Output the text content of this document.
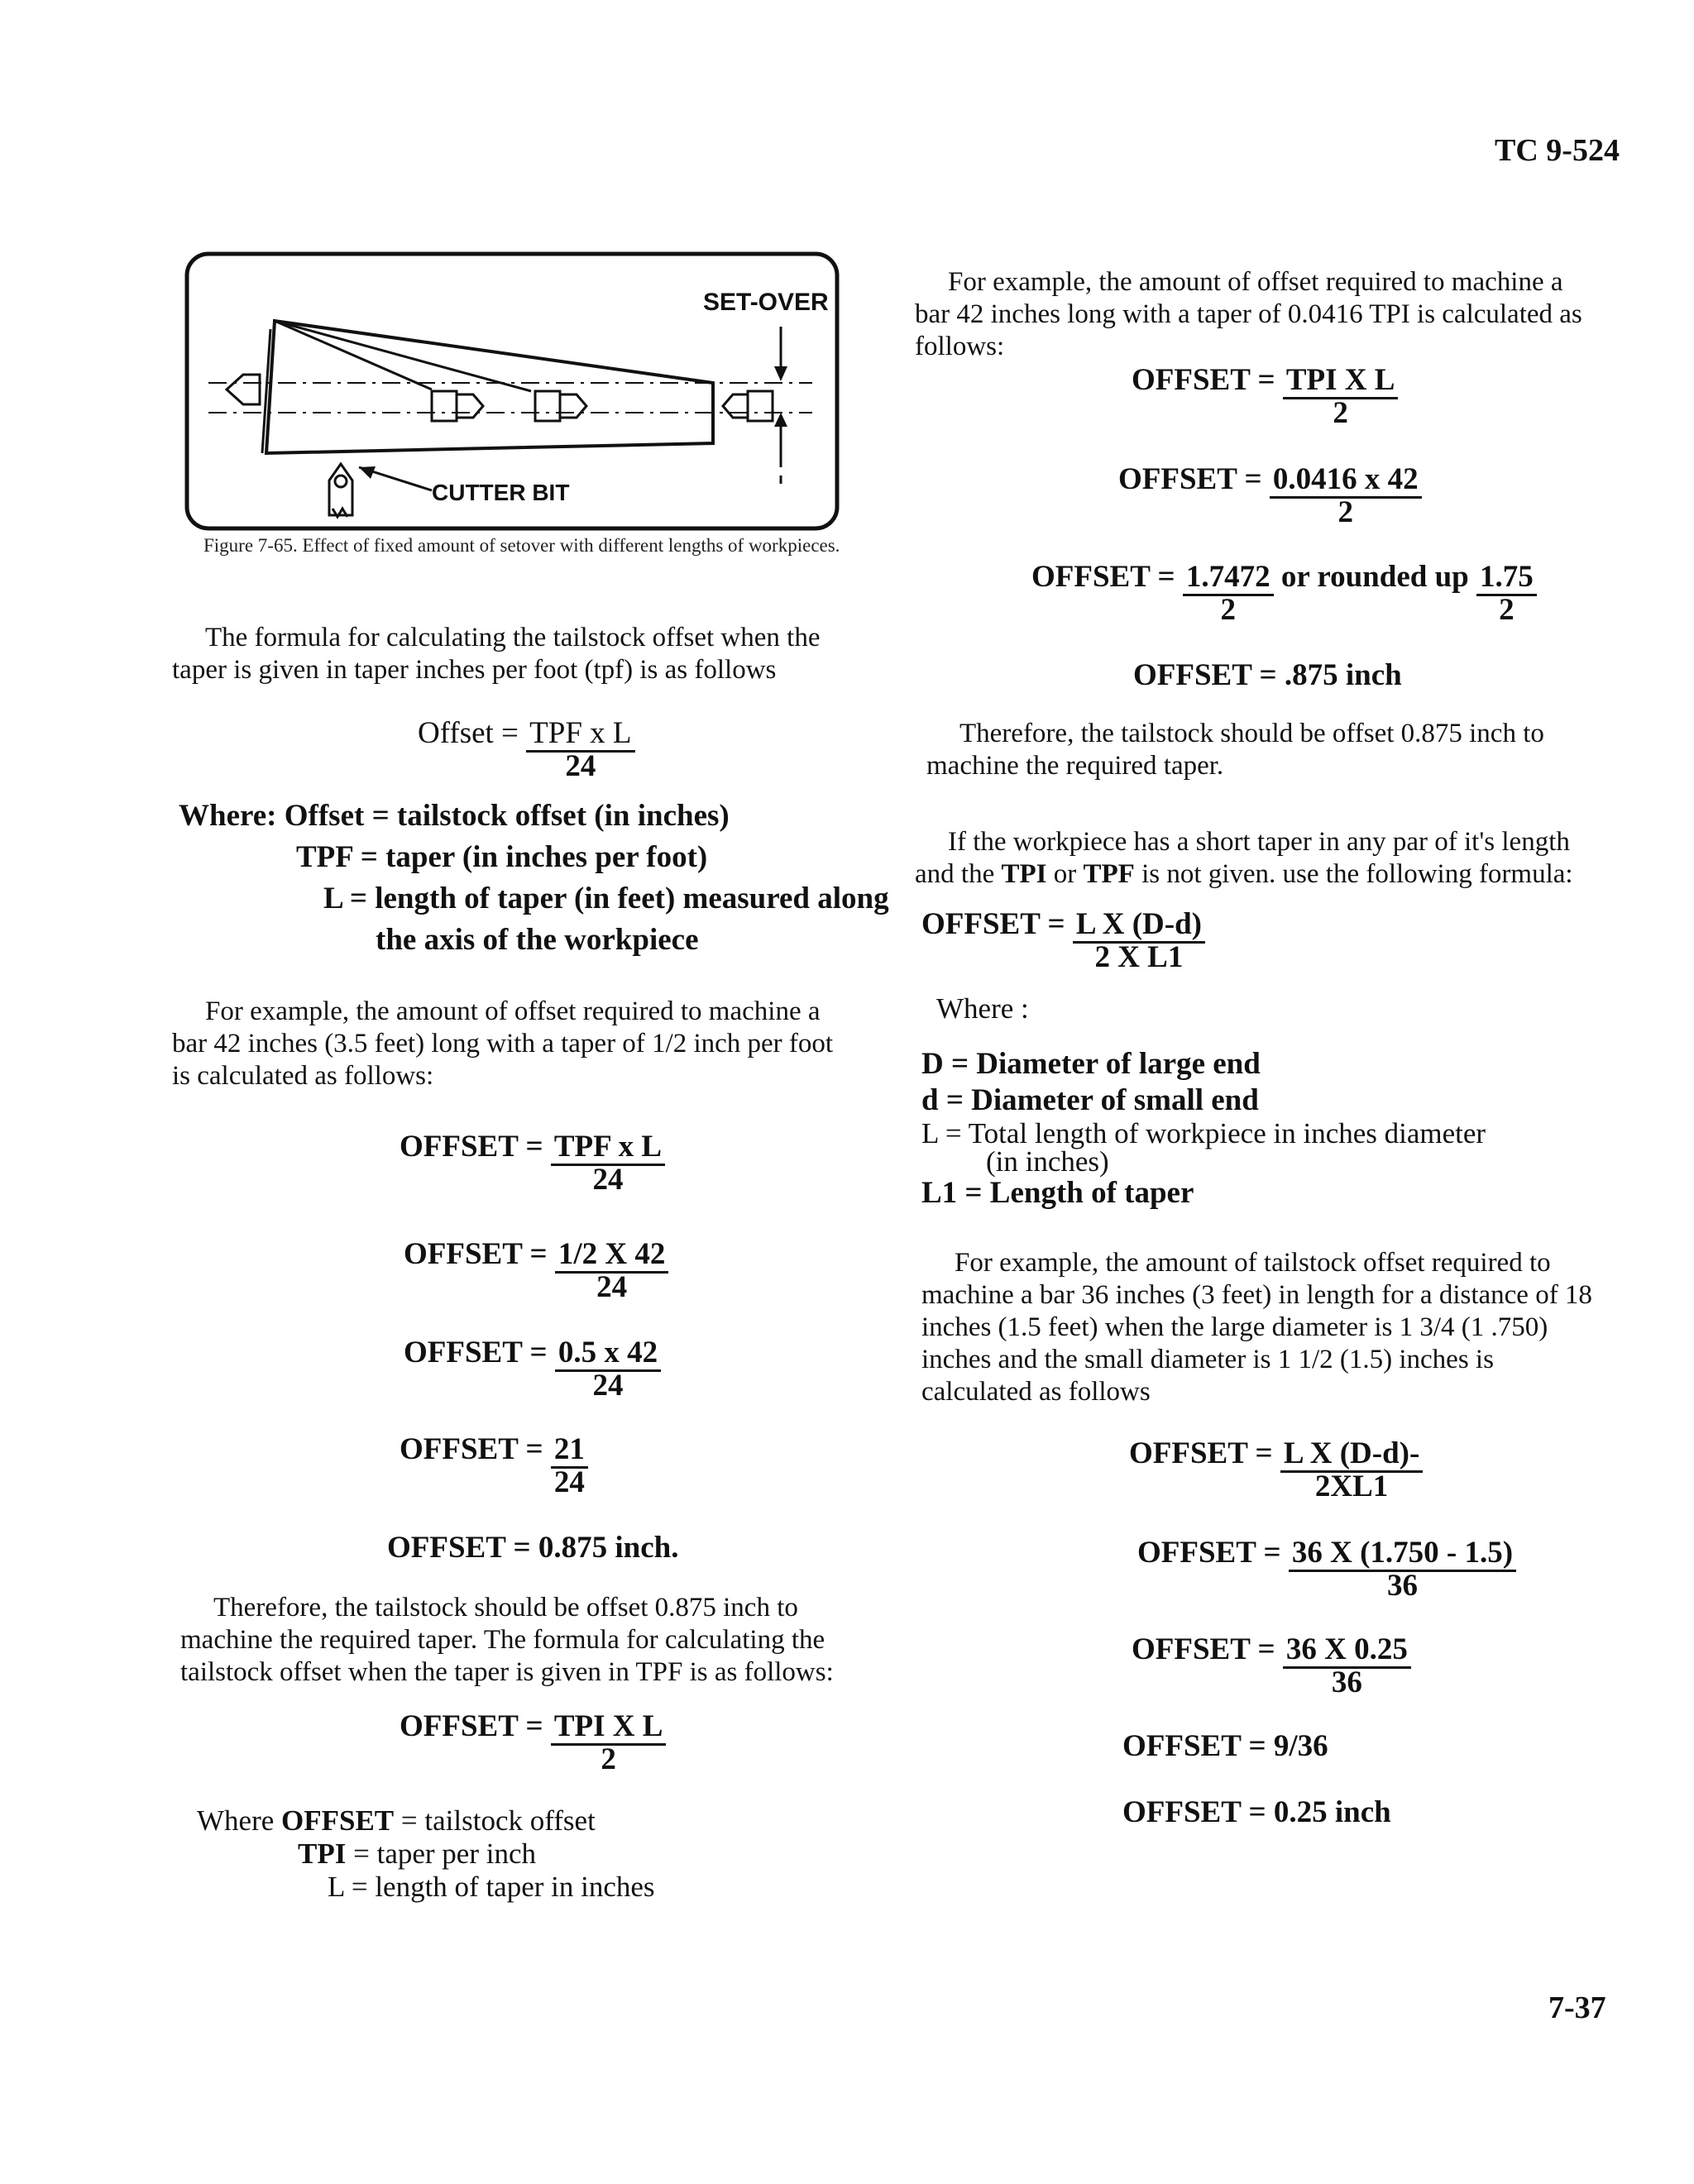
TC 9-524
7-37
SET-OVER
CUTTER BIT
Figure 7-65. Effect of fixed amount of setover with different lengths of workpieces.

The formula for calculating the tailstock offset when the taper is given in taper inches per foot (tpf) is as follows

Offset = $\frac{\text{TPF x L}}{24}$
Where: Offset = tailstock offset (in inches)
TPF = taper (in inches per foot)
L = length of taper (in feet) measured along
the axis of the workpiece

For example, the amount of offset required to machine a bar 42 inches (3.5 feet) long with a taper of 1/2 inch per foot is calculated as follows:

OFFSET = $\frac{\text{TPF x L}}{24}$
OFFSET = $\frac{1/2 X 42}{24}$
OFFSET = $\frac{0.5 x 42}{24}$
OFFSET = $\frac{21}{24}$
OFFSET = 0.875 inch.

Therefore, the tailstock should be offset 0.875 inch to machine the required taper. The formula for calculating the tailstock offset when the taper is given in TPF is as follows:

OFFSET = $\frac{\text{TPI X L}}{2}$
Where OFFSET = tailstock offset
TPI = taper per inch
L = length of taper in inches

For example, the amount of offset required to machine a bar 42 inches long with a taper of 0.0416 TPI is calculated as follows:

OFFSET = $\frac{\text{TPI X L}}{2}$
OFFSET = $\frac{0.0416 x 42}{2}$
OFFSET = $\frac{1.7472}{2}$ or rounded up $\frac{1.75}{2}$
OFFSET = .875 inch

Therefore, the tailstock should be offset 0.875 inch to machine the required taper.

If the workpiece has a short taper in any par of it's length and the TPI or TPF is not given. use the following formula:

OFFSET = $\frac{\text{L X (D-d)}}{\text{2 X L1}}$
Where :
D = Diameter of large end
d = Diameter of small end
L = Total length of workpiece in inches diameter
(in inches)
L1 = Length of taper

For example, the amount of tailstock offset required to machine a bar 36 inches (3 feet) in length for a distance of 18 inches (1.5 feet) when the large diameter is 1 3/4 (1 .750) inches and the small diameter is 1 1/2 (1.5) inches is calculated as follows

OFFSET = $\frac{\text{L X (D-d)-}}{2XL1}$
OFFSET = $\frac{36 X (1.750 - 1.5)}{36}$
OFFSET = $\frac{36 X 0.25}{36}$
OFFSET = 9/36
OFFSET = 0.25 inch
